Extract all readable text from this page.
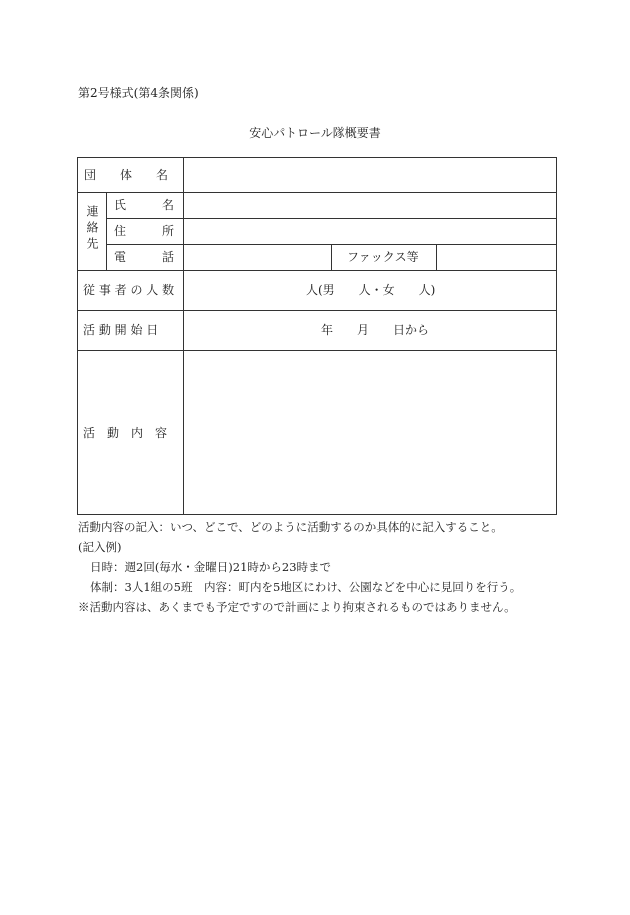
第2号様式(第4条関係)
安心パトロール隊概要書
団　　体　　名
連絡先 氏　　　名
住　　　所
電　　　話	ファックス等
従 事 者 の 人 数	人(男　　人・女　　人)
活 動 開 始 日	年　　月　　日から
活　動　内　容
活動内容の記入：いつ、どこで、どのように活動するのか具体的に記入すること。
(記入例)
日時：週2回(毎水・金曜日)21時から23時まで
体制：3人1組の5班　内容：町内を5地区にわけ、公園などを中心に見回りを行う。
※活動内容は、あくまでも予定ですので計画により拘束されるものではありません。
